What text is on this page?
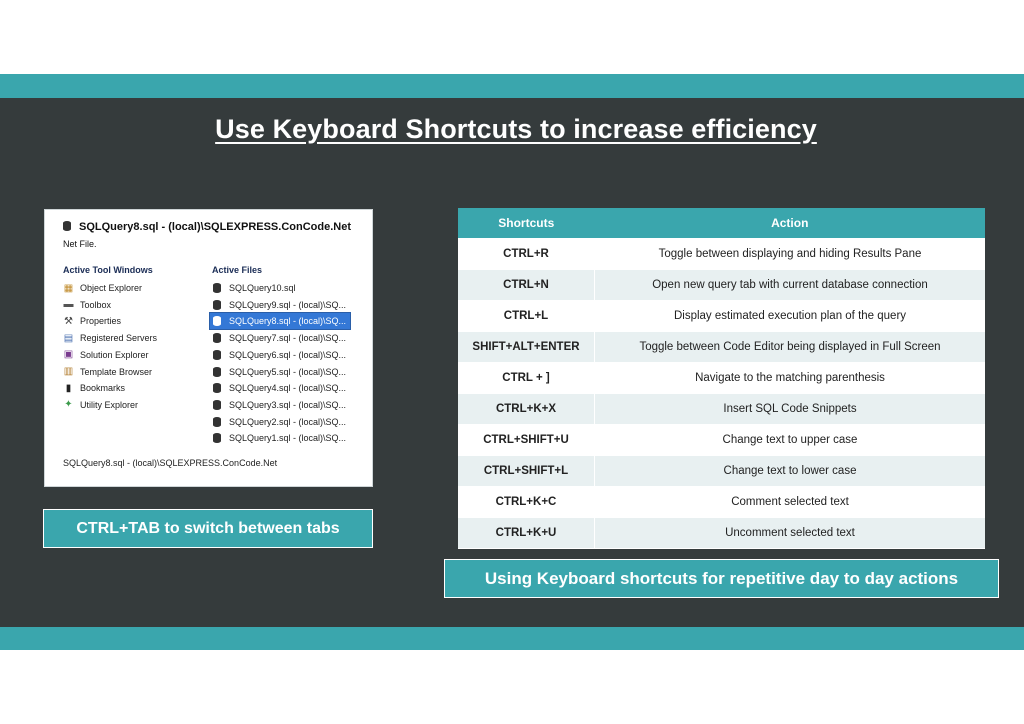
Use Keyboard Shortcuts to increase efficiency
SQLQuery8.sql - (local)\SQLEXPRESS.ConCode.Net
Net File.
Active Tool Windows	Active Files
▦ Object Explorer
▬ Toolbox
⚒ Properties
▤ Registered Servers
▣ Solution Explorer
▥ Template Browser
▮ Bookmarks
✦ Utility Explorer
SQLQuery10.sql
SQLQuery9.sql - (local)\SQ...
SQLQuery8.sql - (local)\SQ...
SQLQuery7.sql - (local)\SQ...
SQLQuery6.sql - (local)\SQ...
SQLQuery5.sql - (local)\SQ...
SQLQuery4.sql - (local)\SQ...
SQLQuery3.sql - (local)\SQ...
SQLQuery2.sql - (local)\SQ...
SQLQuery1.sql - (local)\SQ...
SQLQuery8.sql - (local)\SQLEXPRESS.ConCode.Net
CTRL+TAB to switch between tabs
Shortcuts	Action
CTRL+R	Toggle between displaying and hiding Results Pane
CTRL+N	Open new query tab with current database connection
CTRL+L	Display estimated execution plan of the query
SHIFT+ALT+ENTER	Toggle between Code Editor being displayed in Full Screen
CTRL + ]	Navigate to the matching parenthesis
CTRL+K+X	Insert SQL Code Snippets
CTRL+SHIFT+U	Change text to upper case
CTRL+SHIFT+L	Change text to lower case
CTRL+K+C	Comment selected text
CTRL+K+U	Uncomment selected text
Using Keyboard shortcuts for repetitive day to day actions
